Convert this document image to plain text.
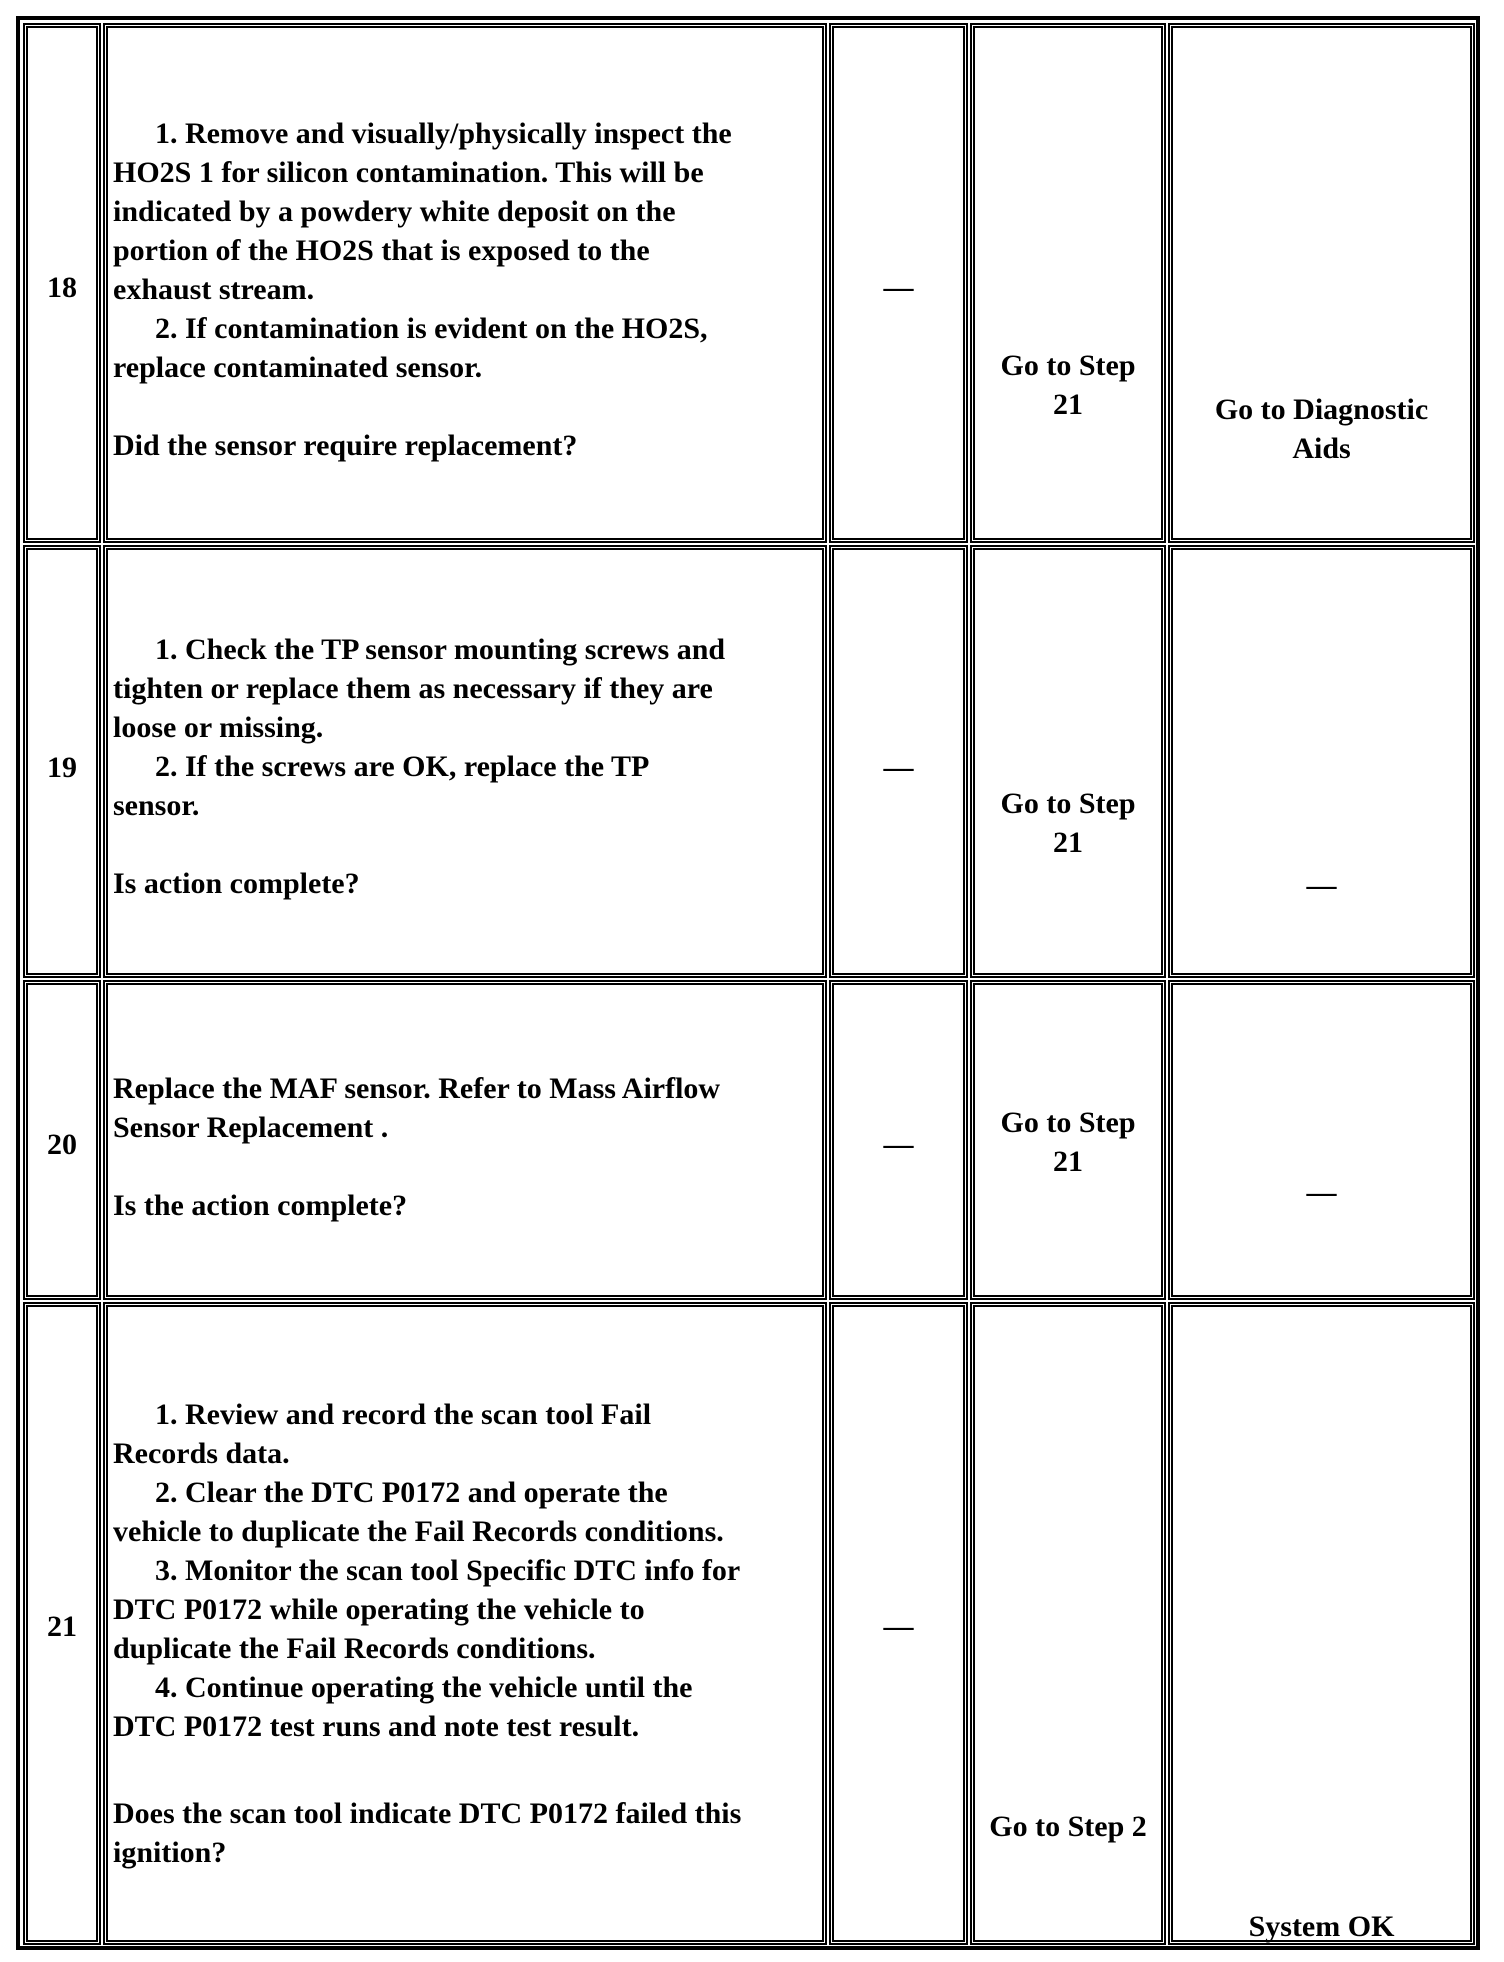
18

1. Remove and visually/physically inspect the

HO2S 1 for silicon contamination. This will be

indicated by a powdery white deposit on the

portion of the HO2S that is exposed to the

exhaust stream.

2. If contamination is evident on the HO2S,

replace contaminated sensor.

Did the sensor require replacement?

—
Go to Step 21	Go to Diagnostic Aids
19

1. Check the TP sensor mounting screws and

tighten or replace them as necessary if they are

loose or missing.

2. If the screws are OK, replace the TP

sensor.

Is action complete?

—
Go to Step 21
—
20

Replace the MAF sensor. Refer to Mass Airflow

Sensor Replacement .

Is the action complete?

—
Go to Step 21
—
21

1. Review and record the scan tool Fail

Records data.

2. Clear the DTC P0172 and operate the

vehicle to duplicate the Fail Records conditions.

3. Monitor the scan tool Specific DTC info for

DTC P0172 while operating the vehicle to

duplicate the Fail Records conditions.

4. Continue operating the vehicle until the

DTC P0172 test runs and note test result.

Does the scan tool indicate DTC P0172 failed this ignition?

—
Go to Step 2
System OK
